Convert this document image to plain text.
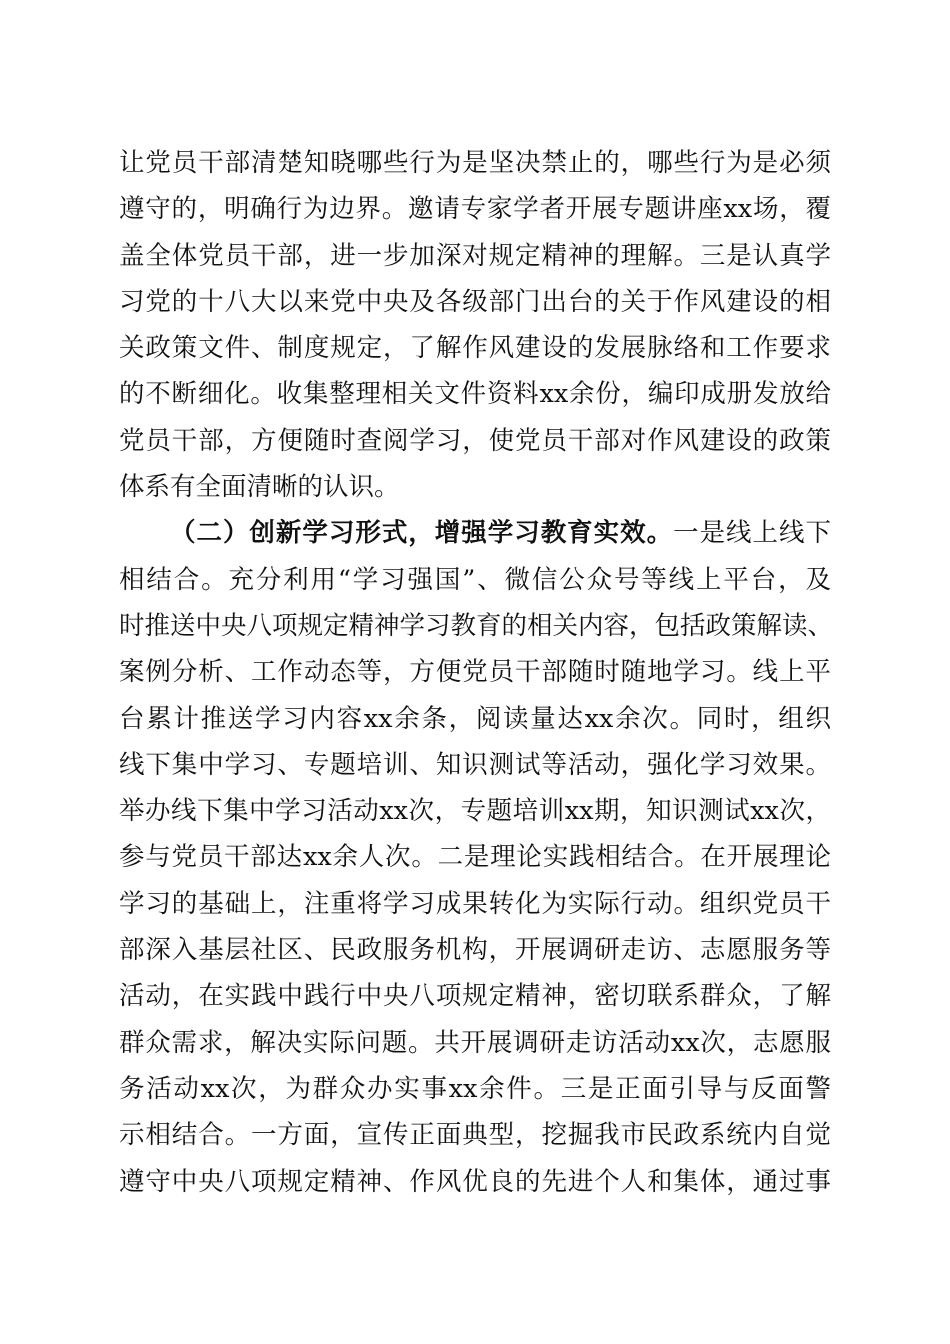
让党员干部清楚知晓哪些行为是坚决禁止的，哪些行为是必须
遵守的，明确行为边界。邀请专家学者开展专题讲座xx场，覆
盖全体党员干部，进一步加深对规定精神的理解。三是认真学
习党的十八大以来党中央及各级部门出台的关于作风建设的相
关政策文件、制度规定，了解作风建设的发展脉络和工作要求
的不断细化。收集整理相关文件资料xx余份，编印成册发放给
党员干部，方便随时查阅学习，使党员干部对作风建设的政策
体系有全面清晰的认识。
（二）创新学习形式，增强学习教育实效。一是线上线下
相结合。充分利用“学习强国”、微信公众号等线上平台，及
时推送中央八项规定精神学习教育的相关内容，包括政策解读、
案例分析、工作动态等，方便党员干部随时随地学习。线上平
台累计推送学习内容xx余条，阅读量达xx余次。同时，组织
线下集中学习、专题培训、知识测试等活动，强化学习效果。
举办线下集中学习活动xx次，专题培训xx期，知识测试xx次，
参与党员干部达xx余人次。二是理论实践相结合。在开展理论
学习的基础上，注重将学习成果转化为实际行动。组织党员干
部深入基层社区、民政服务机构，开展调研走访、志愿服务等
活动，在实践中践行中央八项规定精神，密切联系群众，了解
群众需求，解决实际问题。共开展调研走访活动xx次，志愿服
务活动xx次，为群众办实事xx余件。三是正面引导与反面警
示相结合。一方面，宣传正面典型，挖掘我市民政系统内自觉
遵守中央八项规定精神、作风优良的先进个人和集体，通过事
